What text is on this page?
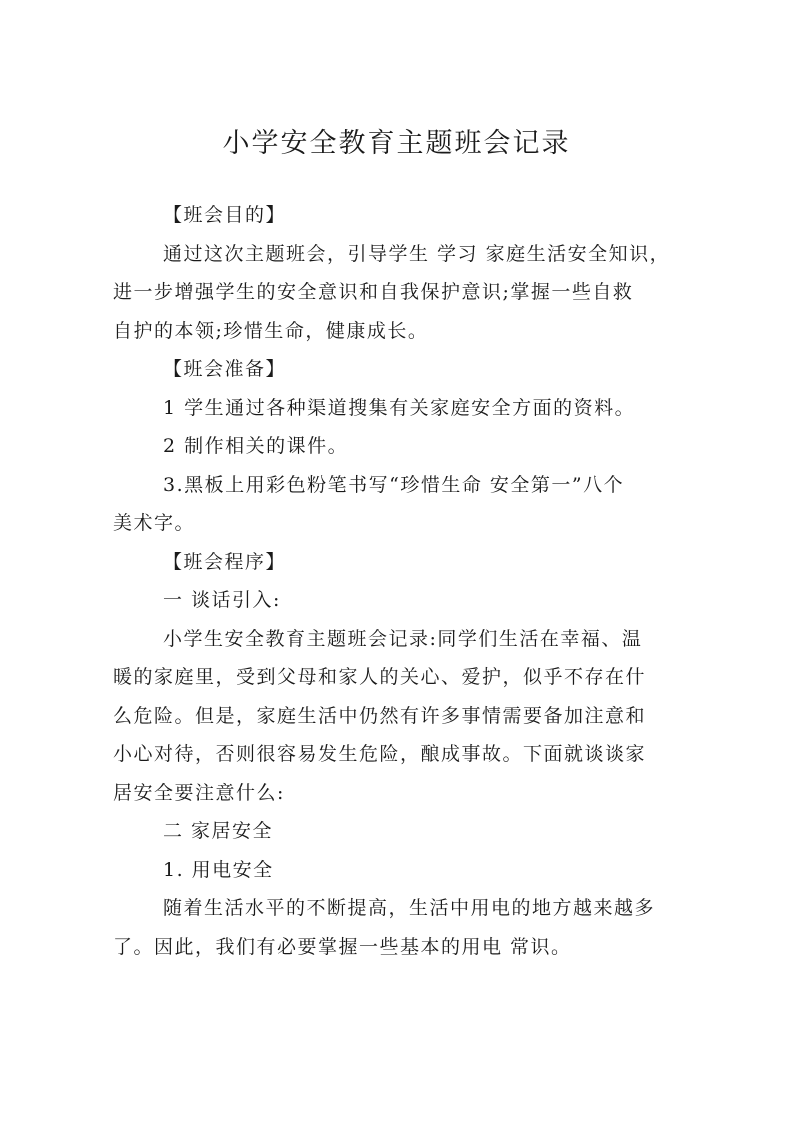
小学安全教育主题班会记录
【班会目的】
通过这次主题班会，引导学生 学习 家庭生活安全知识，
进一步增强学生的安全意识和自我保护意识;掌握一些自救
自护的本领;珍惜生命，健康成长。
【班会准备】
1 学生通过各种渠道搜集有关家庭安全方面的资料。
2 制作相关的课件。
3.黑板上用彩色粉笔书写“珍惜生命 安全第一”八个
美术字。
【班会程序】
一 谈话引入:
小学生安全教育主题班会记录:同学们生活在幸福、温
暖的家庭里，受到父母和家人的关心、爱护，似乎不存在什
么危险。但是，家庭生活中仍然有许多事情需要备加注意和
小心对待，否则很容易发生危险，酿成事故。下面就谈谈家
居安全要注意什么:
二 家居安全
1. 用电安全
随着生活水平的不断提高，生活中用电的地方越来越多
了。因此，我们有必要掌握一些基本的用电 常识。
